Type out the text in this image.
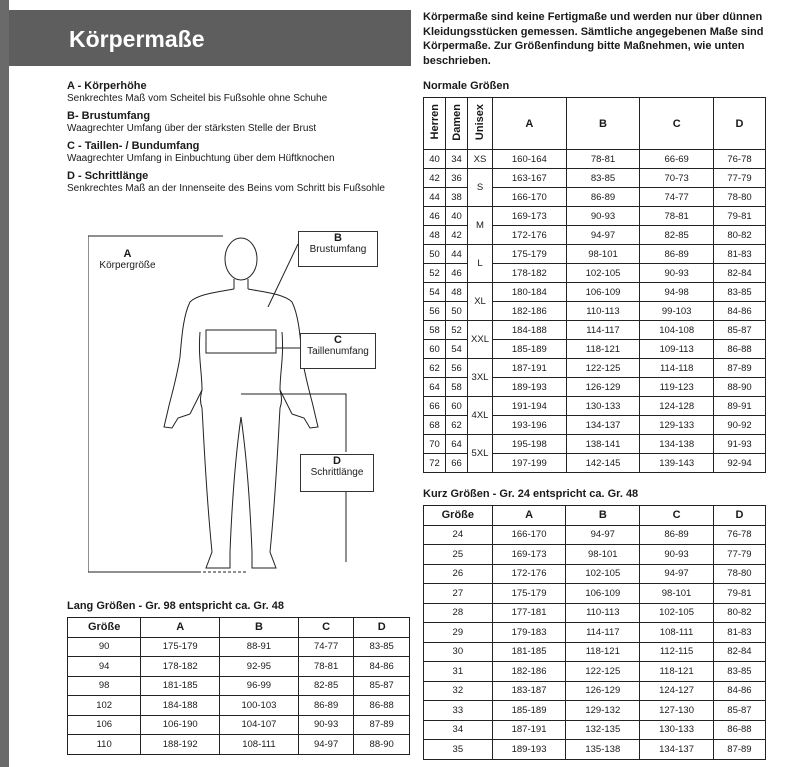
Körpermaße
Körpermaße sind keine Fertigmaße und werden nur über dünnen Kleidungsstücken gemessen. Sämtliche angegebenen Maße sind Körpermaße. Zur Größenfindung bitte Maßnehmen, wie unten beschrieben.
A - Körperhöhe
Senkrechtes Maß vom Scheitel bis Fußsohle ohne Schuhe
B- Brustumfang
Waagrechter Umfang über der stärksten Stelle der Brust
C - Taillen- / Bundumfang
Waagrechter Umfang in Einbuchtung über dem Hüftknochen
D - Schrittlänge
Senkrechtes Maß an der Innenseite des Beins vom Schritt bis Fußsohle
A
Körpergröße
B
Brustumfang
C
Taillenumfang
D
Schrittlänge
Normale Größen
Herren	Damen	Unisex	A	B	C	D
40	34	XS	160-164	78-81	66-69	76-78
42	36	S	163-167	83-85	70-73	77-79
44	38		166-170	86-89	74-77	78-80
46	40	M	169-173	90-93	78-81	79-81
48	42		172-176	94-97	82-85	80-82
50	44	L	175-179	98-101	86-89	81-83
52	46		178-182	102-105	90-93	82-84
54	48	XL	180-184	106-109	94-98	83-85
56	50		182-186	110-113	99-103	84-86
58	52	XXL	184-188	114-117	104-108	85-87
60	54		185-189	118-121	109-113	86-88
62	56	3XL	187-191	122-125	114-118	87-89
64	58		189-193	126-129	119-123	88-90
66	60	4XL	191-194	130-133	124-128	89-91
68	62		193-196	134-137	129-133	90-92
70	64	5XL	195-198	138-141	134-138	91-93
72	66		197-199	142-145	139-143	92-94
Kurz Größen - Gr. 24 entspricht ca. Gr. 48
Größe	A	B	C	D
24	166-170	94-97	86-89	76-78
25	169-173	98-101	90-93	77-79
26	172-176	102-105	94-97	78-80
27	175-179	106-109	98-101	79-81
28	177-181	110-113	102-105	80-82
29	179-183	114-117	108-111	81-83
30	181-185	118-121	112-115	82-84
31	182-186	122-125	118-121	83-85
32	183-187	126-129	124-127	84-86
33	185-189	129-132	127-130	85-87
34	187-191	132-135	130-133	86-88
35	189-193	135-138	134-137	87-89
Lang Größen - Gr. 98 entspricht ca. Gr. 48
Größe	A	B	C	D
90	175-179	88-91	74-77	83-85
94	178-182	92-95	78-81	84-86
98	181-185	96-99	82-85	85-87
102	184-188	100-103	86-89	86-88
106	106-190	104-107	90-93	87-89
110	188-192	108-111	94-97	88-90
